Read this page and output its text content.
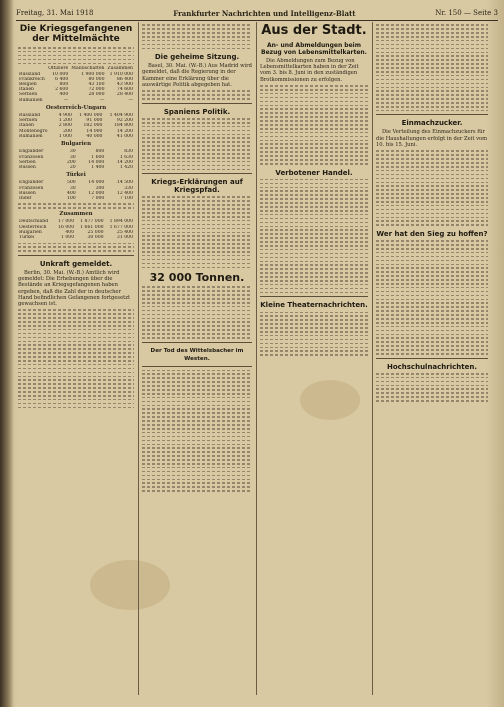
Freitag, 31. Mai 1918	Frankfurter Nachrichten und Intelligenz-Blatt	Nr. 150 — Seite 3
Die Kriegsgefangenen
der Mittelmächte
	Offiziere	Mannschaften	Zusammen
Russland	10 000	1 900 000	1 910 000
Frankreich	6 400	80 000	86 400
Belgien	800	43 100	43 900
Italien	2 600	72 000	74 600
Serbien	400	28 000	28 400
Rumänien	—	—	—
Oesterreich-Ungarn
Russland	4 900	1 400 000	1 404 900
Serbien	1 200	91 000	92 200
Italien	2 800	182 000	184 800
Montenegro	200	14 000	14 200
Rumänien	1 000	40 000	41 000
Bulgarien
Engländer	30	800	830
Franzosen	30	1 600	1 630
Serben	200	14 000	14 200
Russen	20	1 400	1 420
Türkei
Engländer	500	14 000	14 500
Franzosen	30	300	330
Russen	400	12 000	12 400
Inder	100	7 000	7 100
Zusammen
Deutschland	17 000	1 877 000	1 894 000
Oesterreich	16 000	1 661 000	1 677 000
Bulgarien	400	25 000	25 400
Türkei	1 000	30 000	31 000
Unkraft gemeldet.

Berlin, 30. Mai. (W.-B.) Amtlich wird gemeldet: Die Erhebungen über die Bestände an Kriegsgefangenen haben ergeben, daß die Zahl der in deutscher Hand befindlichen Gefangenen fortgesetzt gewachsen ist.

Die geheime Sitzung.

Basel, 30. Mai. (W.-B.) Aus Madrid wird gemeldet, daß die Regierung in der Kammer eine Erklärung über die auswärtige Politik abgegeben hat.

Spaniens Politik.
Kriegs-Erklärungen auf Kriegspfad.
32 000 Tonnen.
Der Tod des Wittelsbacher im Westen.
Aus der Stadt.
An- und Abmeldungen beim Bezug von Lebensmittelkarten.

Die Abmeldungen zum Bezug von Lebensmittelkarten haben in der Zeit vom 3. bis 8. Juni in den zuständigen Brotkommissionen zu erfolgen.

Verbotener Handel.
Kleine Theaternachrichten.
Einmachzucker.

Die Verteilung des Einmachzuckers für die Haushaltungen erfolgt in der Zeit vom 10. bis 15. Juni.

Wer hat den Sieg zu hoffen?
Hochschulnachrichten.
